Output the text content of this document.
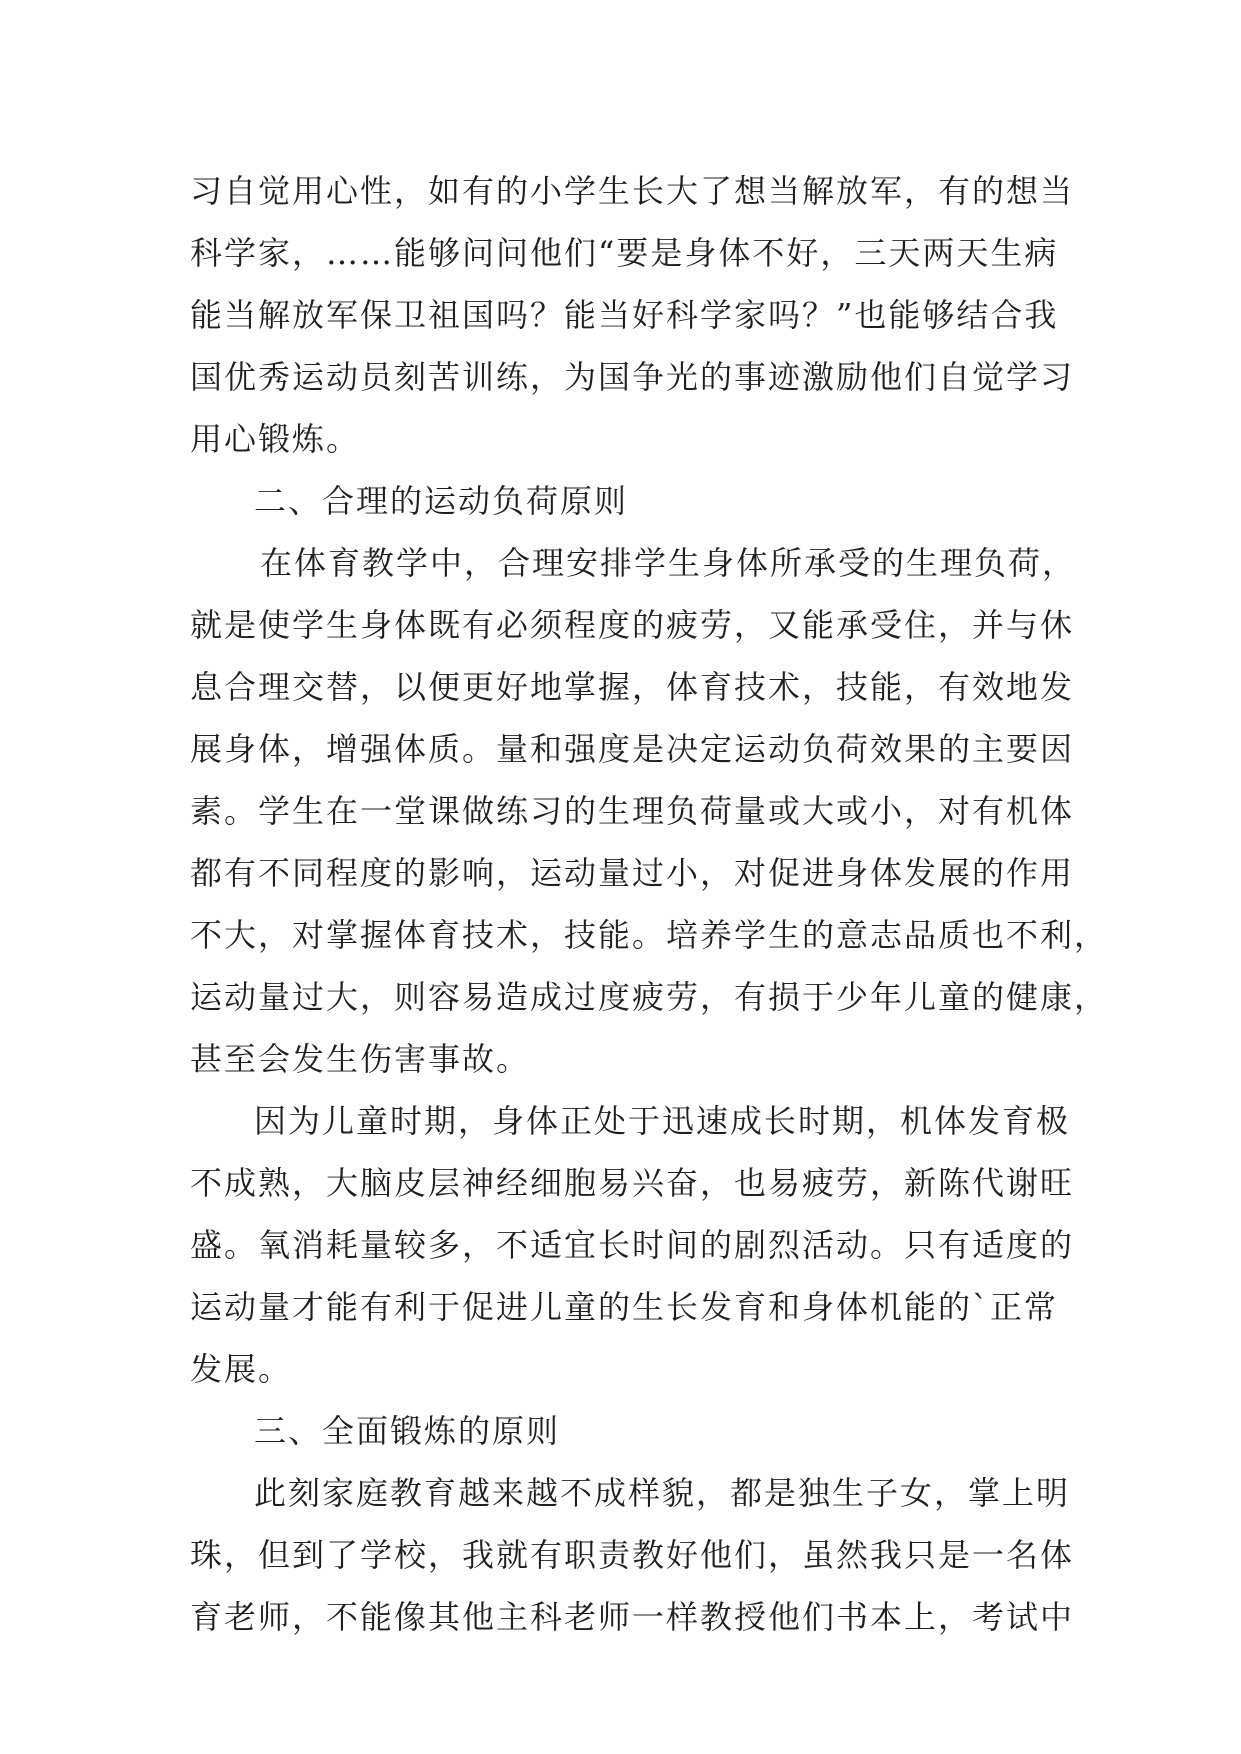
习自觉用心性，如有的小学生长大了想当解放军，有的想当
科学家，……能够问问他们“要是身体不好，三天两天生病
能当解放军保卫祖国吗？能当好科学家吗？”也能够结合我
国优秀运动员刻苦训练，为国争光的事迹激励他们自觉学习
用心锻炼。
二、合理的运动负荷原则
在体育教学中，合理安排学生身体所承受的生理负荷，
就是使学生身体既有必须程度的疲劳，又能承受住，并与休
息合理交替，以便更好地掌握，体育技术，技能，有效地发
展身体，增强体质。量和强度是决定运动负荷效果的主要因
素。学生在一堂课做练习的生理负荷量或大或小，对有机体
都有不同程度的影响，运动量过小，对促进身体发展的作用
不大，对掌握体育技术，技能。培养学生的意志品质也不利，
运动量过大，则容易造成过度疲劳，有损于少年儿童的健康，
甚至会发生伤害事故。
因为儿童时期，身体正处于迅速成长时期，机体发育极
不成熟，大脑皮层神经细胞易兴奋，也易疲劳，新陈代谢旺
盛。氧消耗量较多，不适宜长时间的剧烈活动。只有适度的
运动量才能有利于促进儿童的生长发育和身体机能的`正常
发展。
三、全面锻炼的原则
此刻家庭教育越来越不成样貌，都是独生子女，掌上明
珠，但到了学校，我就有职责教好他们，虽然我只是一名体
育老师，不能像其他主科老师一样教授他们书本上，考试中
